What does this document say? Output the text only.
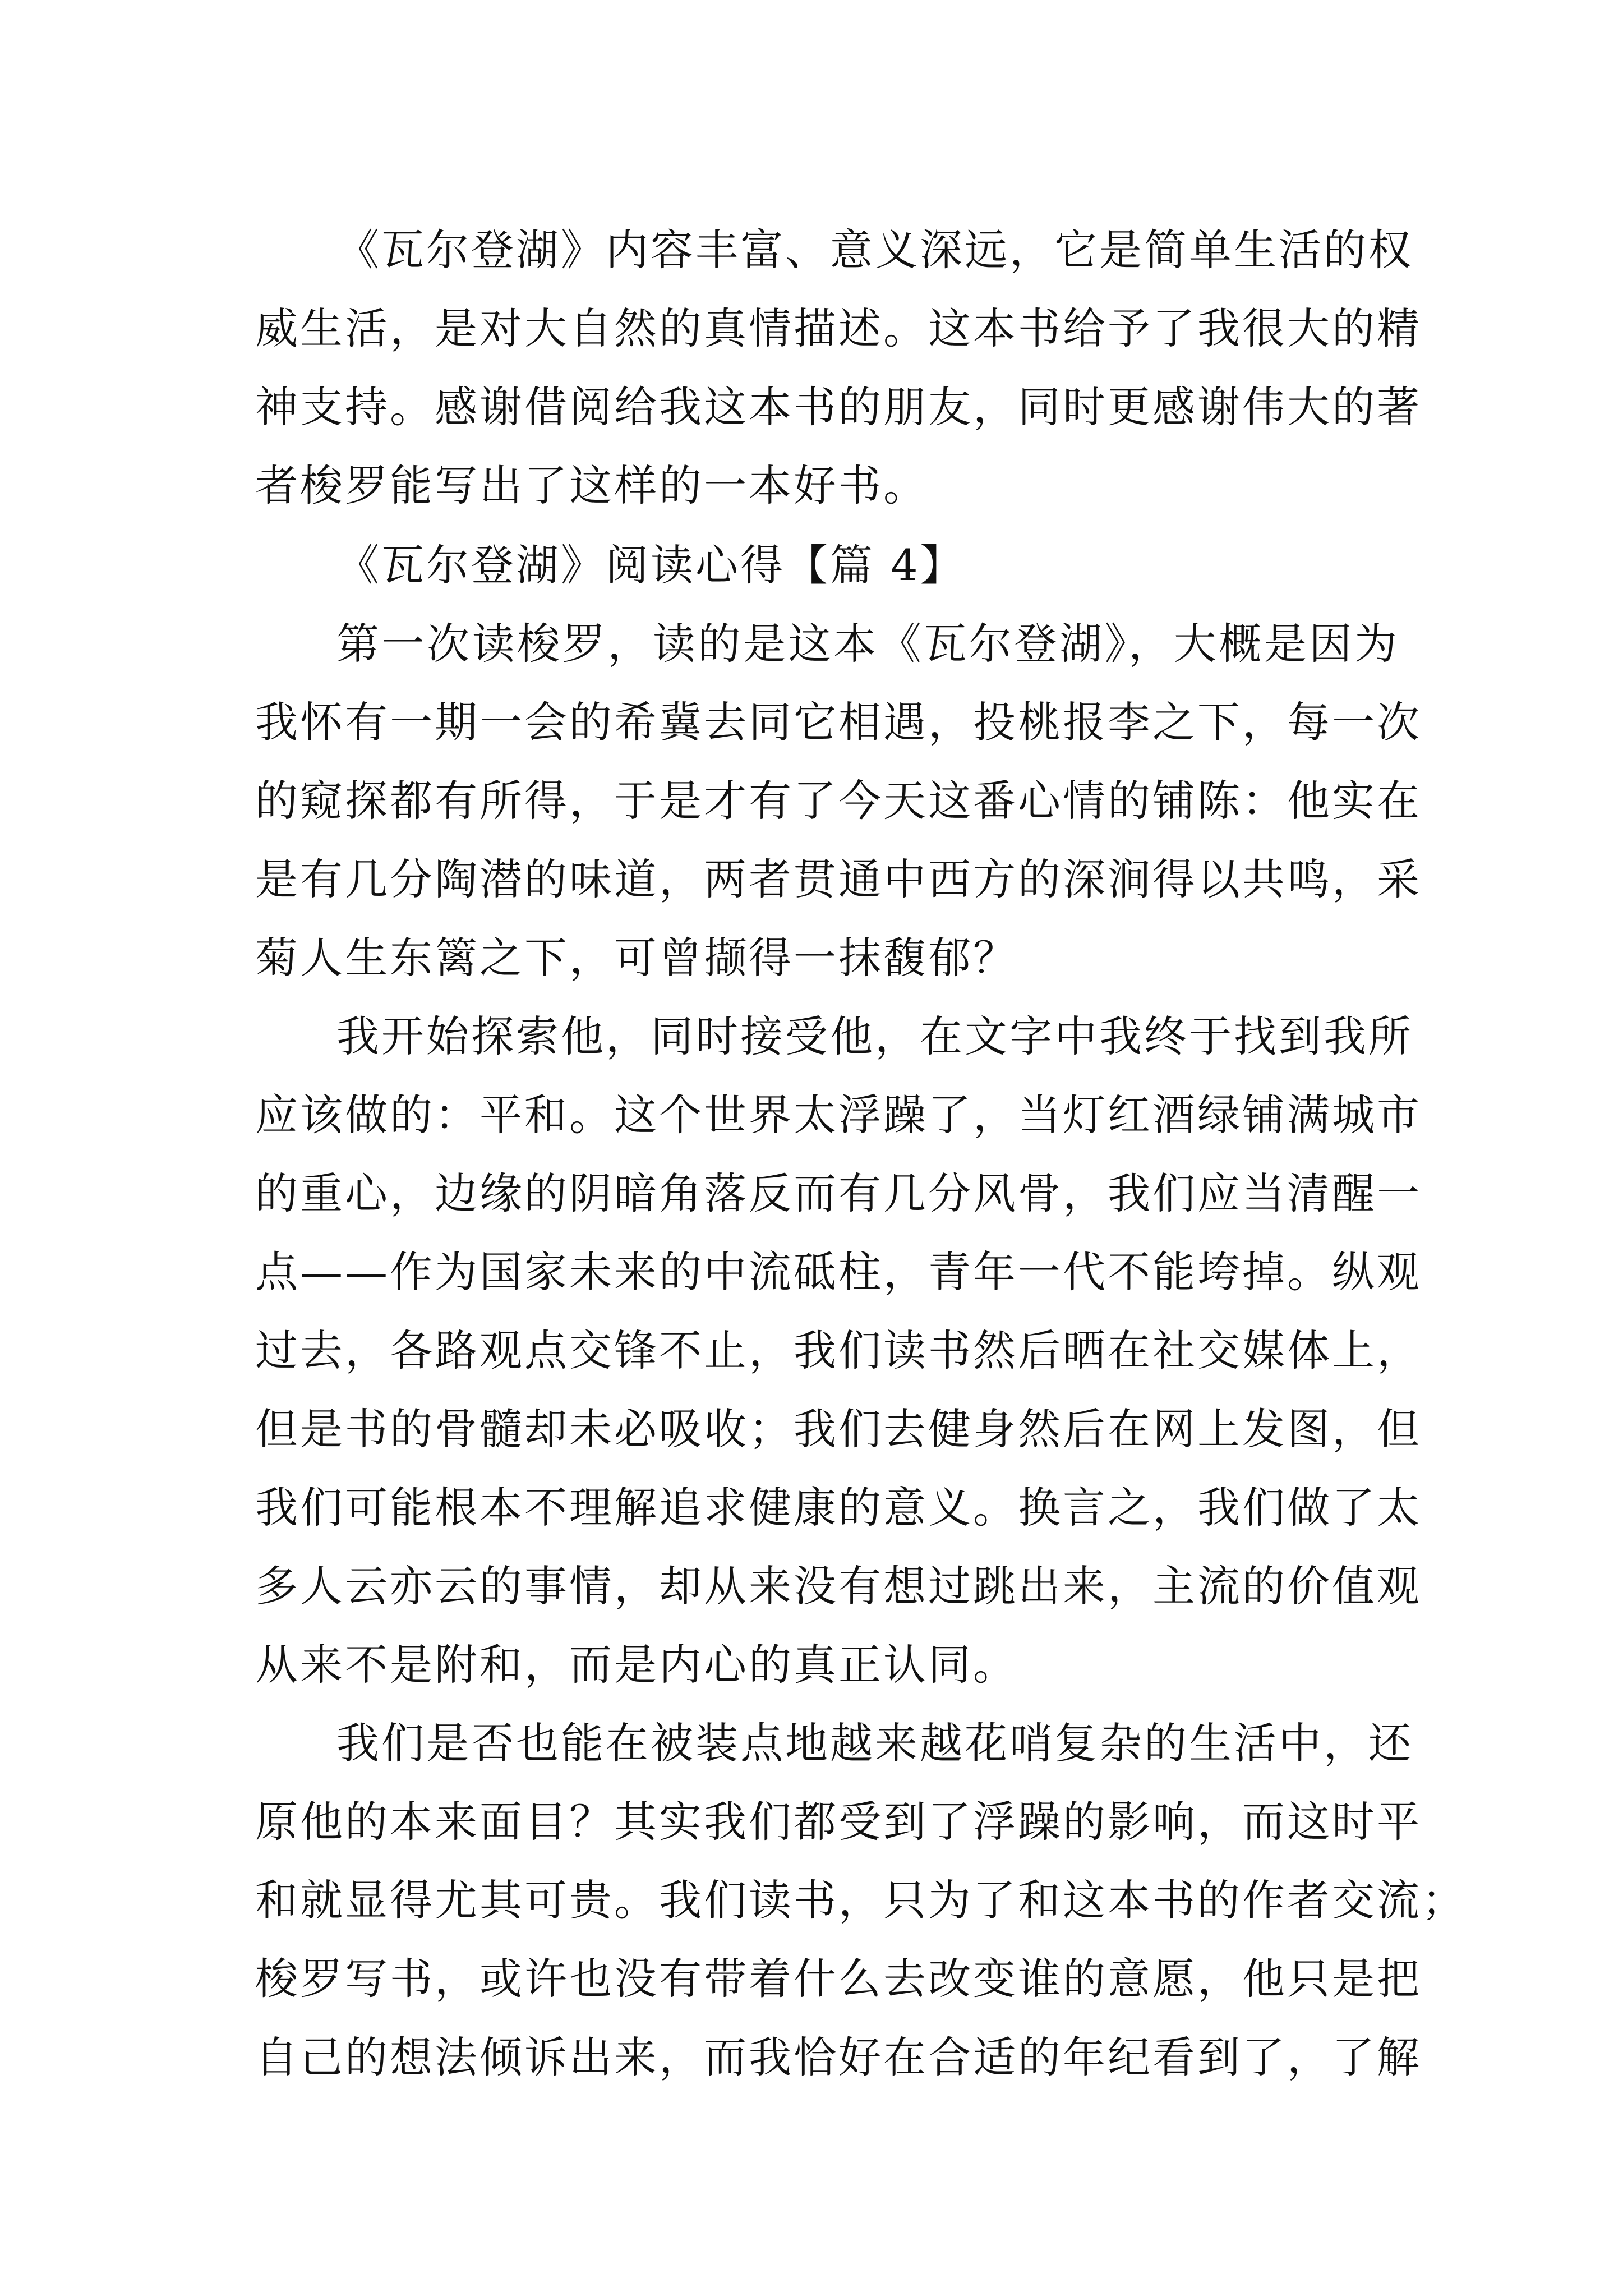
《瓦尔登湖》内容丰富、意义深远，它是简单生活的权
威生活，是对大自然的真情描述。这本书给予了我很大的精
神支持。感谢借阅给我这本书的朋友，同时更感谢伟大的著
者梭罗能写出了这样的一本好书。
《瓦尔登湖》阅读心得【篇 4】
第一次读梭罗，读的是这本《瓦尔登湖》，大概是因为
我怀有一期一会的希冀去同它相遇，投桃报李之下，每一次
的窥探都有所得，于是才有了今天这番心情的铺陈：他实在
是有几分陶潜的味道，两者贯通中西方的深涧得以共鸣，采
菊人生东篱之下，可曾撷得一抹馥郁？
我开始探索他，同时接受他，在文字中我终于找到我所
应该做的：平和。这个世界太浮躁了，当灯红酒绿铺满城市
的重心，边缘的阴暗角落反而有几分风骨，我们应当清醒一
点——作为国家未来的中流砥柱，青年一代不能垮掉。纵观
过去，各路观点交锋不止，我们读书然后晒在社交媒体上，
但是书的骨髓却未必吸收；我们去健身然后在网上发图，但
我们可能根本不理解追求健康的意义。换言之，我们做了太
多人云亦云的事情，却从来没有想过跳出来，主流的价值观
从来不是附和，而是内心的真正认同。
我们是否也能在被装点地越来越花哨复杂的生活中，还
原他的本来面目？其实我们都受到了浮躁的影响，而这时平
和就显得尤其可贵。我们读书，只为了和这本书的作者交流；
梭罗写书，或许也没有带着什么去改变谁的意愿，他只是把
自己的想法倾诉出来，而我恰好在合适的年纪看到了，了解
